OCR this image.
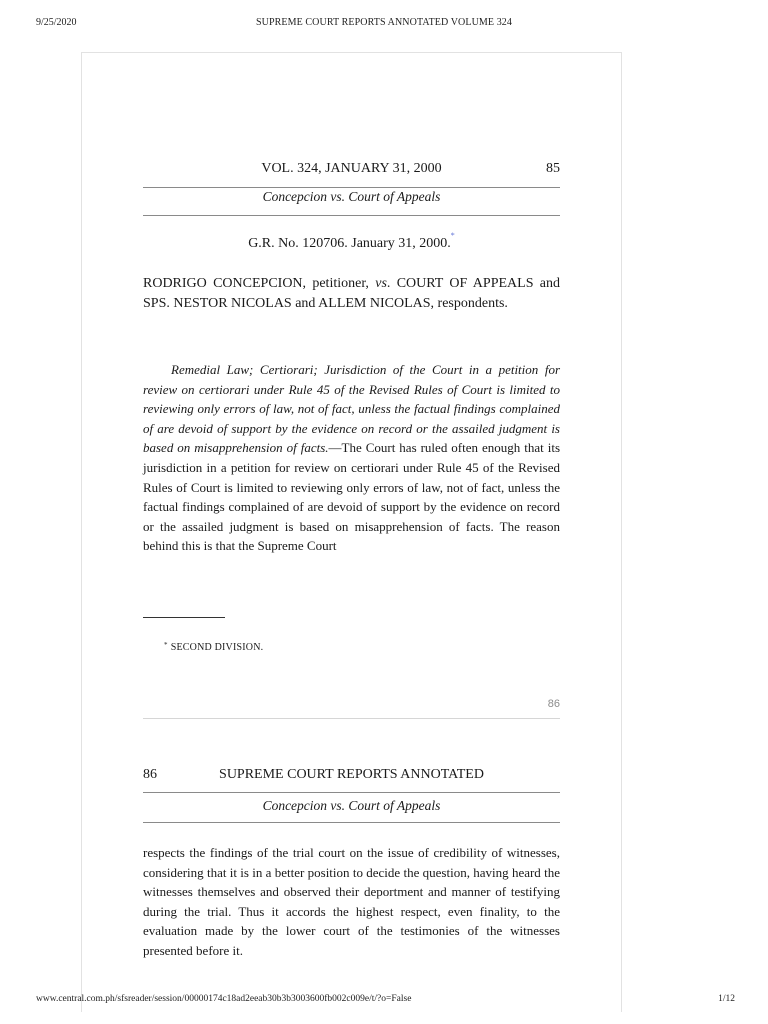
9/25/2020	SUPREME COURT REPORTS ANNOTATED VOLUME 324
VOL. 324, JANUARY 31, 2000	85
Concepcion vs. Court of Appeals
G.R. No. 120706. January 31, 2000.*
RODRIGO CONCEPCION, petitioner, vs. COURT OF APPEALS and SPS. NESTOR NICOLAS and ALLEM NICOLAS, respondents.
Remedial Law; Certiorari; Jurisdiction of the Court in a petition for review on certiorari under Rule 45 of the Revised Rules of Court is limited to reviewing only errors of law, not of fact, unless the factual findings complained of are devoid of support by the evidence on record or the assailed judgment is based on misapprehension of facts.—The Court has ruled often enough that its jurisdiction in a petition for review on certiorari under Rule 45 of the Revised Rules of Court is limited to reviewing only errors of law, not of fact, unless the factual findings complained of are devoid of support by the evidence on record or the assailed judgment is based on misapprehension of facts. The reason behind this is that the Supreme Court
* SECOND DIVISION.
86
86	SUPREME COURT REPORTS ANNOTATED
Concepcion vs. Court of Appeals
respects the findings of the trial court on the issue of credibility of witnesses, considering that it is in a better position to decide the question, having heard the witnesses themselves and observed their deportment and manner of testifying during the trial. Thus it accords the highest respect, even finality, to the evaluation made by the lower court of the testimonies of the witnesses presented before it.
www.central.com.ph/sfsreader/session/00000174c18ad2eeab30b3b3003600fb002c009e/t/?o=False	1/12
